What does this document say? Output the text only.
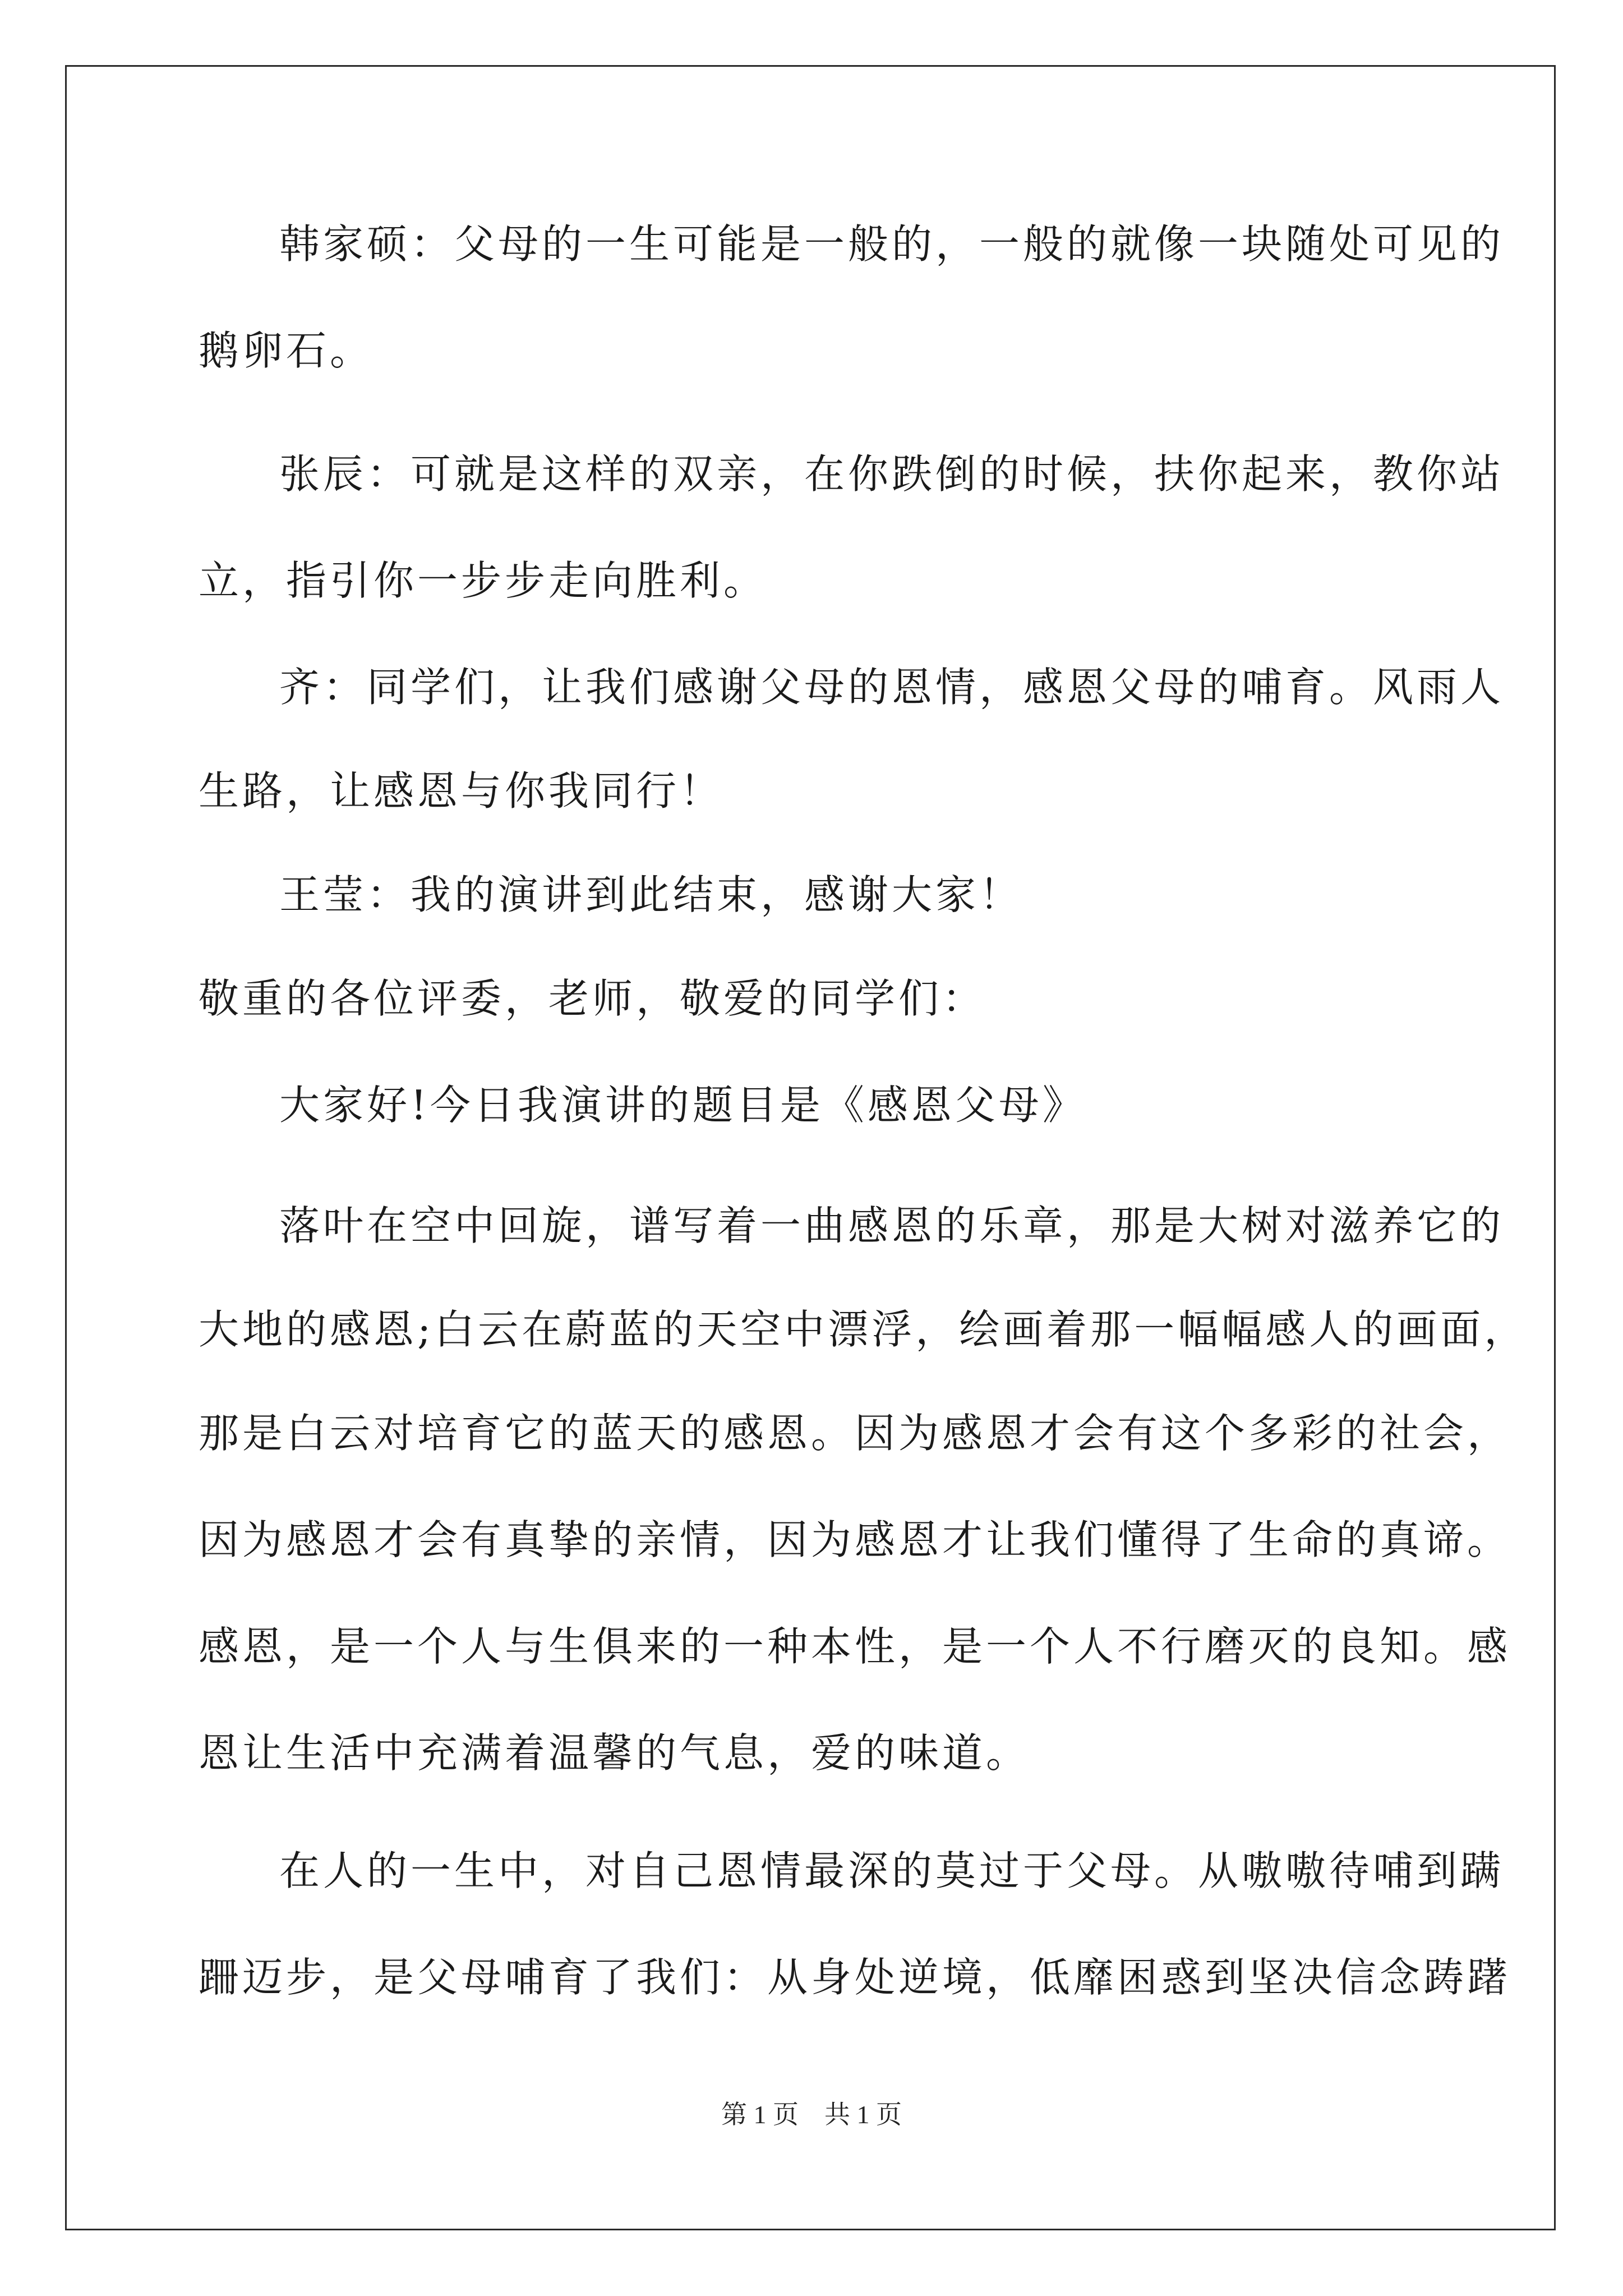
韩家硕：父母的一生可能是一般的，一般的就像一块随处可见的
鹅卵石。
张辰：可就是这样的双亲，在你跌倒的时候，扶你起来，教你站
立，指引你一步步走向胜利。
齐：同学们，让我们感谢父母的恩情，感恩父母的哺育。风雨人
生路，让感恩与你我同行！
王莹：我的演讲到此结束，感谢大家！
敬重的各位评委，老师，敬爱的同学们：
大家好!今日我演讲的题目是《感恩父母》
落叶在空中回旋，谱写着一曲感恩的乐章，那是大树对滋养它的
大地的感恩;白云在蔚蓝的天空中漂浮，绘画着那一幅幅感人的画面，
那是白云对培育它的蓝天的感恩。因为感恩才会有这个多彩的社会，
因为感恩才会有真挚的亲情，因为感恩才让我们懂得了生命的真谛。
感恩，是一个人与生俱来的一种本性，是一个人不行磨灭的良知。感
恩让生活中充满着温馨的气息，爱的味道。
在人的一生中，对自己恩情最深的莫过于父母。从嗷嗷待哺到蹒
跚迈步，是父母哺育了我们：从身处逆境，低靡困惑到坚决信念踌躇
第 1 页　共 1 页
